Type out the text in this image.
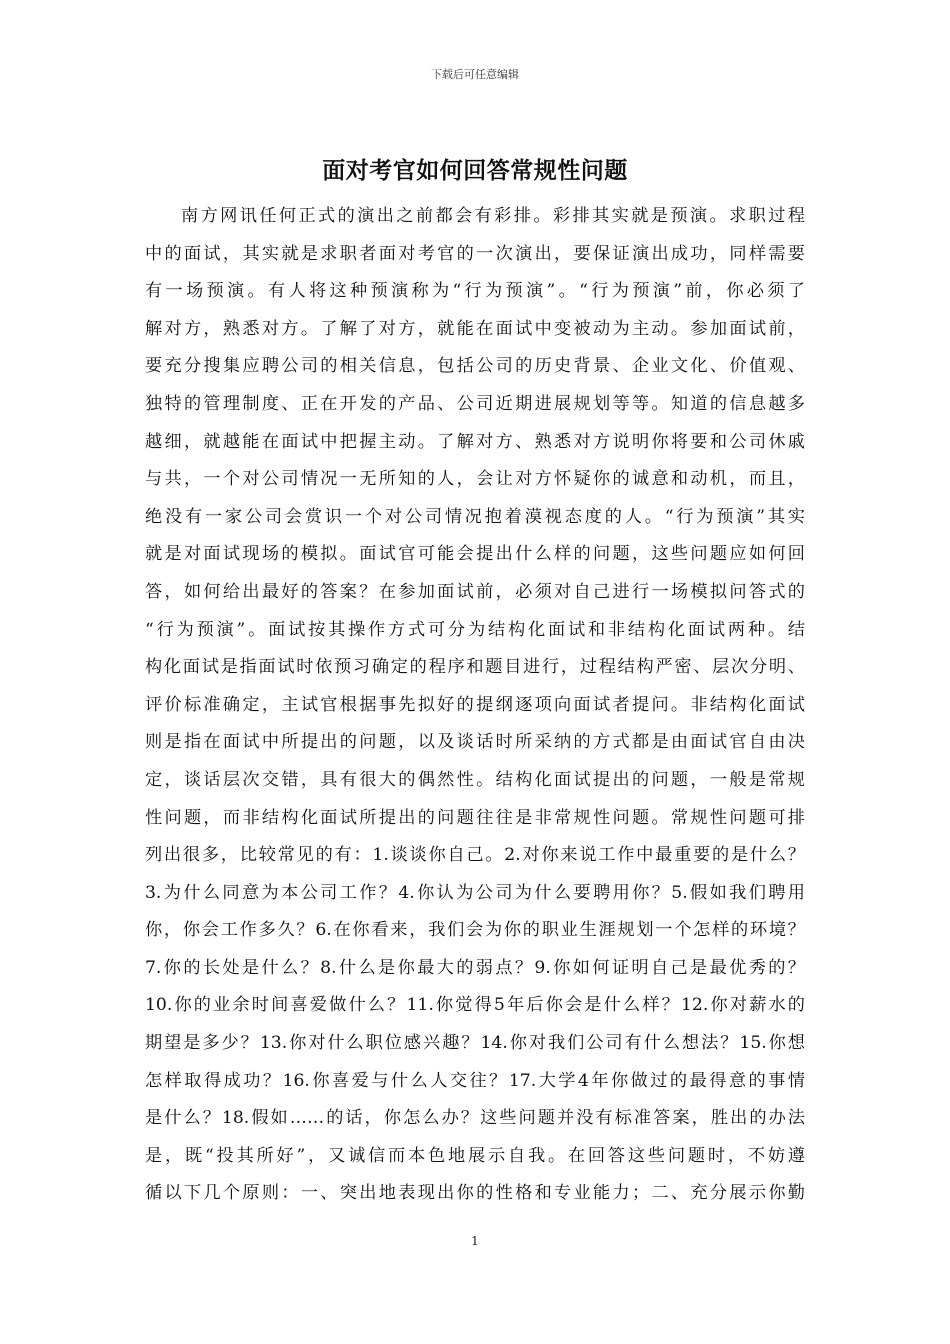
下载后可任意编辑
面对考官如何回答常规性问题
南方网讯任何正式的演出之前都会有彩排。彩排其实就是预演。求职过程
中的面试，其实就是求职者面对考官的一次演出，要保证演出成功，同样需要
有一场预演。有人将这种预演称为“行为预演”。“行为预演”前，你必须了
解对方，熟悉对方。了解了对方，就能在面试中变被动为主动。参加面试前，
要充分搜集应聘公司的相关信息，包括公司的历史背景、企业文化、价值观、
独特的管理制度、正在开发的产品、公司近期进展规划等等。知道的信息越多
越细，就越能在面试中把握主动。了解对方、熟悉对方说明你将要和公司休戚
与共，一个对公司情况一无所知的人，会让对方怀疑你的诚意和动机，而且，
绝没有一家公司会赏识一个对公司情况抱着漠视态度的人。“行为预演”其实
就是对面试现场的模拟。面试官可能会提出什么样的问题，这些问题应如何回
答，如何给出最好的答案？在参加面试前，必须对自己进行一场模拟问答式的
“行为预演”。面试按其操作方式可分为结构化面试和非结构化面试两种。结
构化面试是指面试时依预习确定的程序和题目进行，过程结构严密、层次分明、
评价标准确定，主试官根据事先拟好的提纲逐项向面试者提问。非结构化面试
则是指在面试中所提出的问题，以及谈话时所采纳的方式都是由面试官自由决
定，谈话层次交错，具有很大的偶然性。结构化面试提出的问题，一般是常规
性问题，而非结构化面试所提出的问题往往是非常规性问题。常规性问题可排
列出很多，比较常见的有：1.谈谈你自己。2.对你来说工作中最重要的是什么？
3.为什么同意为本公司工作？4.你认为公司为什么要聘用你？5.假如我们聘用
你，你会工作多久？6.在你看来，我们会为你的职业生涯规划一个怎样的环境？
7.你的长处是什么？8.什么是你最大的弱点？9.你如何证明自己是最优秀的？
10.你的业余时间喜爱做什么？11.你觉得5年后你会是什么样？12.你对薪水的
期望是多少？13.你对什么职位感兴趣？14.你对我们公司有什么想法？15.你想
怎样取得成功？16.你喜爱与什么人交往？17.大学4年你做过的最得意的事情
是什么？18.假如……的话，你怎么办？这些问题并没有标准答案，胜出的办法
是，既“投其所好”，又诚信而本色地展示自我。在回答这些问题时，不妨遵
循以下几个原则：一、突出地表现出你的性格和专业能力；二、充分展示你勤
1
